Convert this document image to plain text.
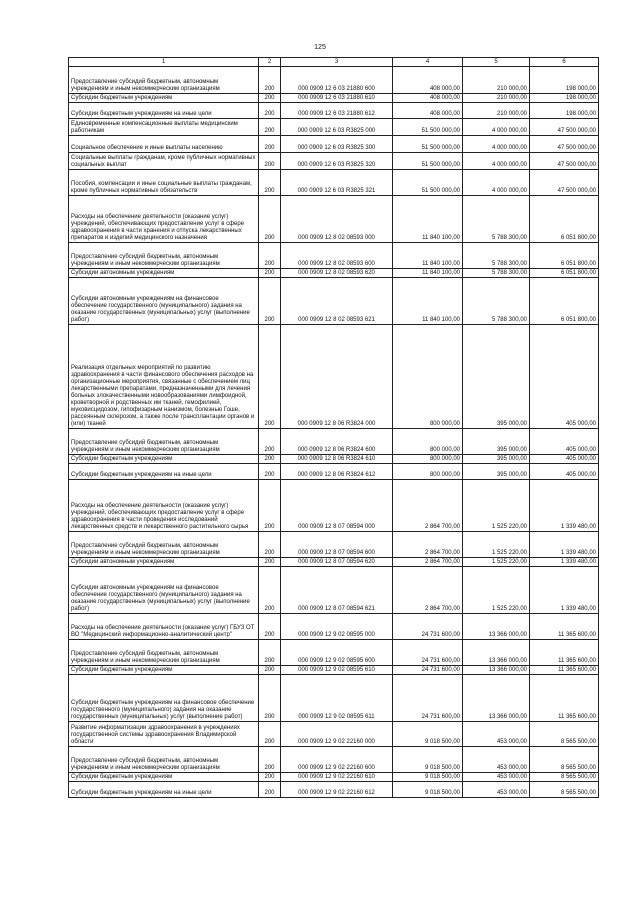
125
1	2	3	4	5	6
Предоставление субсидий бюджетным, автономным учреждениям и иным некоммерческим организациям	200	000 0909 12 6 03 21880 600	408 000,00	210 000,00	198 000,00
Субсидии бюджетным учреждениям	200	000 0909 12 6 03 21880 610	408 000,00	210 000,00	198 000,00
Субсидии бюджетным учреждениям на иные цели	200	000 0909 12 6 03 21880 612	408 000,00	210 000,00	198 000,00
Единовременные компенсационные выплаты медицинским работникам	200	000 0909 12 6 03 R3825 000	51 500 000,00	4 000 000,00	47 500 000,00
Социальное обеспечение и иные выплаты населению	200	000 0909 12 6 03 R3825 300	51 500 000,00	4 000 000,00	47 500 000,00
Социальные выплаты гражданам, кроме публичных нормативных социальных выплат	200	000 0909 12 6 03 R3825 320	51 500 000,00	4 000 000,00	47 500 000,00
Пособия, компенсации и иные социальные выплаты гражданам, кроме публичных нормативных обязательств	200	000 0909 12 6 03 R3825 321	51 500 000,00	4 000 000,00	47 500 000,00
Расходы на обеспечение деятельности (оказание услуг) учреждений, обеспечивающих предоставление услуг в сфере здравоохранения в части хранения и отпуска лекарственных препаратов и изделий медицинского назначения	200	000 0909 12 8 02 08593 000	11 840 100,00	5 788 300,00	6 051 800,00
Предоставление субсидий бюджетным, автономным учреждениям и иным некоммерческим организациям	200	000 0909 12 8 02 08593 600	11 840 100,00	5 788 300,00	6 051 800,00
Субсидии автономным учреждениям	200	000 0909 12 8 02 08593 620	11 840 100,00	5 788 300,00	6 051 800,00
Субсидии автономным учреждениям на финансовое обеспечение государственного (муниципального) задания на оказание государственных (муниципальных) услуг (выполнение работ)	200	000 0909 12 8 02 08593 621	11 840 100,00	5 788 300,00	6 051 800,00
Реализация отдельных мероприятий по развитию здравоохранения в части финансового обеспечения расходов на организационные мероприятия, связанные с обеспечением лиц лекарственными препаратами, предназначенными для лечения больных злокачественными новообразованиями лимфоидной, кроветворной и родственных им тканей, гемофилией, муковисцидозом, гипофизарным нанизмом, болезнью Гоше, рассеянным склерозом, а также после трансплантации органов и (или) тканей	200	000 0909 12 8 06 R3824 000	800 000,00	395 000,00	405 000,00
Предоставление субсидий бюджетным, автономным учреждениям и иным некоммерческим организациям	200	000 0909 12 8 06 R3824 600	800 000,00	395 000,00	405 000,00
Субсидии бюджетным учреждениям	200	000 0909 12 8 06 R3824 610	800 000,00	395 000,00	405 000,00
Субсидии бюджетным учреждениям на иные цели	200	000 0909 12 8 06 R3824 612	800 000,00	395 000,00	405 000,00
Расходы на обеспечение деятельности (оказание услуг) учреждений, обеспечивающих предоставление услуг в сфере здравоохранения в части проведения исследований лекарственных средств и лекарственного растительного сырья	200	000 0909 12 8 07 08594 000	2 864 700,00	1 525 220,00	1 339 480,00
Предоставление субсидий бюджетным, автономным учреждениям и иным некоммерческим организациям	200	000 0909 12 8 07 08594 600	2 864 700,00	1 525 220,00	1 339 480,00
Субсидии автономным учреждениям	200	000 0909 12 8 07 08594 620	2 864 700,00	1 525 220,00	1 339 480,00
Субсидии автономным учреждениям на финансовое обеспечение государственного (муниципального) задания на оказание государственных (муниципальных) услуг (выполнение работ)	200	000 0909 12 8 07 08594 621	2 864 700,00	1 525 220,00	1 339 480,00
Расходы на обеспечение деятельности (оказание услуг) ГБУЗ ОТ ВО "Медицинский информационно-аналитический центр"	200	000 0909 12 9 02 08595 000	24 731 600,00	13 366 000,00	11 365 600,00
Предоставление субсидий бюджетным, автономным учреждениям и иным некоммерческим организациям	200	000 0909 12 9 02 08595 600	24 731 600,00	13 366 000,00	11 365 600,00
Субсидии бюджетным учреждениям	200	000 0909 12 9 02 08595 610	24 731 600,00	13 366 000,00	11 365 600,00
Субсидии бюджетным учреждениям на финансовое обеспечение государственного (муниципального) задания на оказание государственных (муниципальных) услуг (выполнение работ)	200	000 0909 12 9 02 08595 611	24 731 600,00	13 366 000,00	11 365 600,00
Развитие информатизации здравоохранения в учреждениях государственной системы здравоохранения Владимирской области	200	000 0909 12 9 02 22160 000	9 018 500,00	453 000,00	8 565 500,00
Предоставление субсидий бюджетным, автономным учреждениям и иным некоммерческим организациям	200	000 0909 12 9 02 22160 600	9 018 500,00	453 000,00	8 565 500,00
Субсидии бюджетным учреждениям	200	000 0909 12 9 02 22160 610	9 018 500,00	453 000,00	8 565 500,00
Субсидии бюджетным учреждениям на иные цели	200	000 0909 12 9 02 22160 612	9 018 500,00	453 000,00	8 565 500,00
